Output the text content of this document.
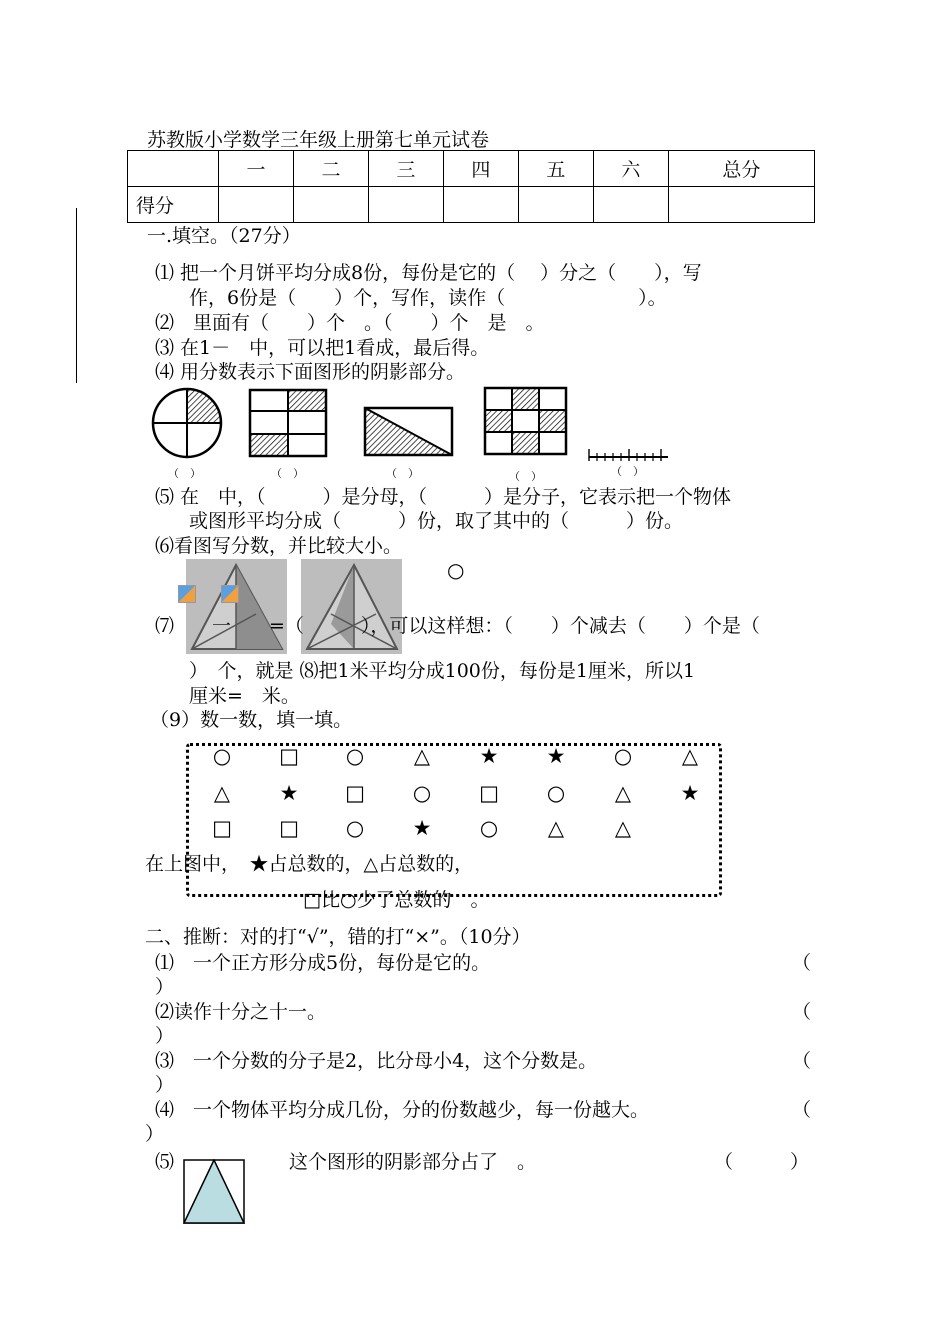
苏教版小学数学三年级上册第七单元试卷
	一	二	三	四	五	六	总分
得分							
一.填空。（27分）
⑴ 把一个月饼平均分成8份，每份是它的（　 ）分之（　　），写
作，6份是（　　）个，写作，读作（　　　　　　　）。
⑵　里面有（　　）个　。（　　）个　是　。
⑶ 在1－　中，可以把1看成，最后得。
⑷ 用分数表示下面图形的阴影部分。
（　）	（　）	（　）	（　）	（　）
⑸ 在　中，（　　　）是分母，（　　　）是分子，它表示把一个物体
或图形平均分成（　　　）份，取了其中的（　　　）份。
⑹看图写分数，并比较大小。
○
⑺　　一　　=（　　　），可以这样想：（　　）个减去（　　）个是（
）　个，就是 ⑻把1米平均分成100份，每份是1厘米，所以1
厘米=　米。
（9）数一数，填一填。
○ □ ○	△	★ ★ ○	△
△	★ □ ○ □ ○	△	★
□ □ ○ ★ ○	△	△
在上图中，　★占总数的，△占总数的，
□比○少了总数的　。
二、推断：对的打“√”，错的打“×”。（10分）
⑴　一个正方形分成5份，每份是它的。	（
）
⑵读作十分之十一。	（
）
⑶　一个分数的分子是2，比分母小4，这个分数是。	（
）
⑷　一个物体平均分成几份，分的份数越少，每一份越大。	（
）
⑸	这个图形的阴影部分占了　。	（　　　）
